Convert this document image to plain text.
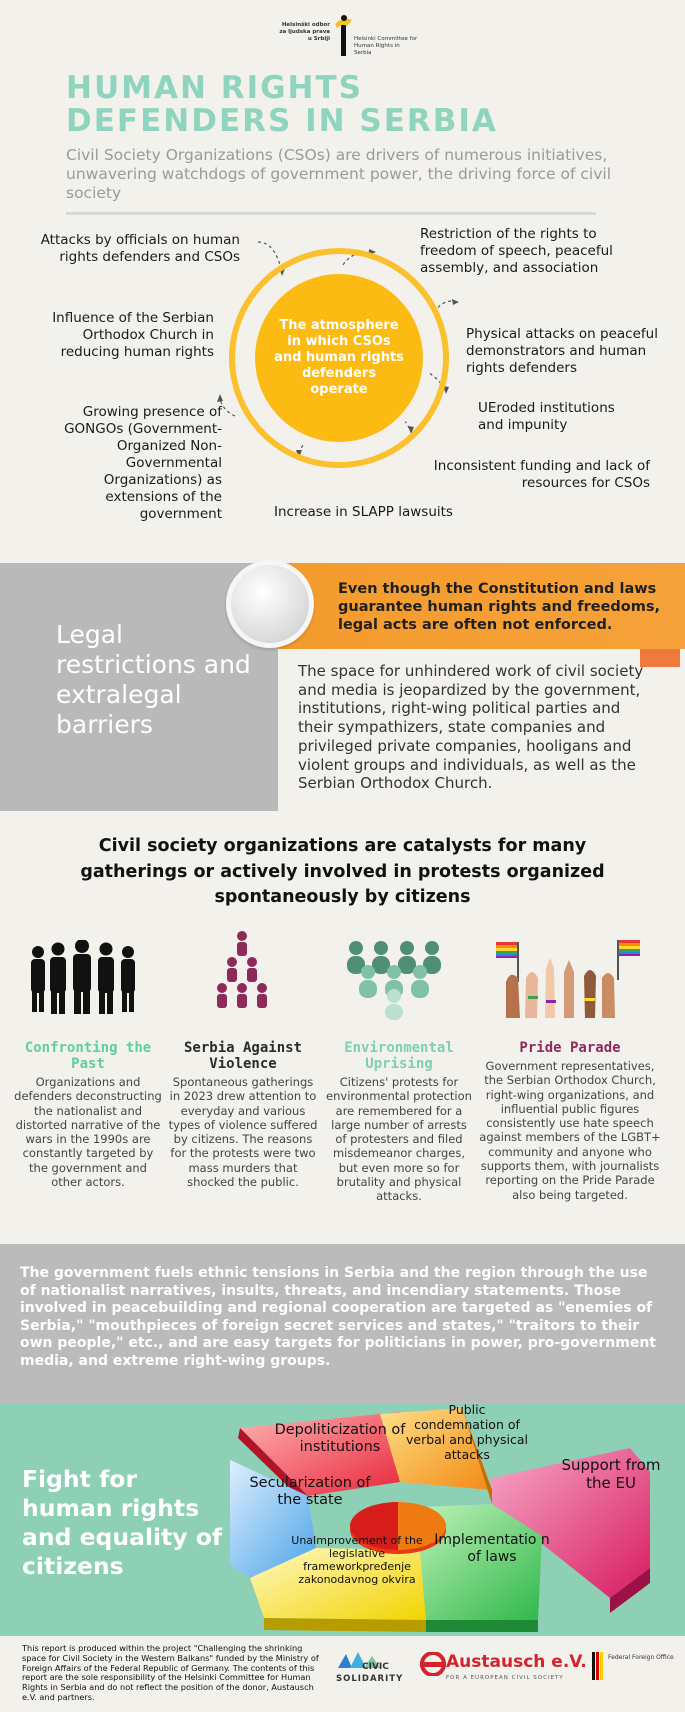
Helsinški odbor za ljudska prava u Srbiji	Helsinki Committee for Human Rights in Serbia
HUMAN RIGHTS
DEFENDERS IN SERBIA
Civil Society Organizations (CSOs) are drivers of numerous initiatives, unwavering watchdogs of government power, the driving force of civil society
The atmosphere in which CSOs and human rights defenders operate
Attacks by officials on human rights defenders and CSOs
Restriction of the rights to freedom of speech, peaceful assembly, and association
Influence of the Serbian Orthodox Church in reducing human rights
Physical attacks on peaceful demonstrators and human rights defenders
UEroded institutions and impunity
Growing presence of GONGOs (Government-Organized Non-Governmental Organizations) as extensions of the government
Inconsistent funding and lack of resources for CSOs
Increase in SLAPP lawsuits
Legal restrictions and extralegal barriers
Even though the Constitution and laws guarantee human rights and freedoms, legal acts are often not enforced.
The space for unhindered work of civil society and media is jeopardized by the government, institutions, right-wing political parties and their sympathizers, state companies and privileged private companies, hooligans and violent groups and individuals, as well as the Serbian Orthodox Church.
Civil society organizations are catalysts for many gatherings or actively involved in protests organized spontaneously by citizens
Confronting the Past
Organizations and defenders deconstructing the nationalist and distorted narrative of the wars in the 1990s are constantly targeted by the government and other actors.
Serbia Against Violence
Spontaneous gatherings in 2023 drew attention to everyday and various types of violence suffered by citizens. The reasons for the protests were two mass murders that shocked the public.
Environmental Uprising
Citizens' protests for environmental protection are remembered for a large number of arrests of protesters and filed misdemeanor charges, but even more so for brutality and physical attacks.
Pride Parade
Government representatives, the Serbian Orthodox Church, right-wing organizations, and influential public figures consistently use hate speech against members of the LGBT+ community and anyone who supports them, with journalists reporting on the Pride Parade also being targeted.
The government fuels ethnic tensions in Serbia and the region through the use of nationalist narratives, insults, threats, and incendiary statements. Those involved in peacebuilding and regional cooperation are targeted as "enemies of Serbia," "mouthpieces of foreign secret services and states," "traitors to their own people," etc., and are easy targets for politicians in power, pro-government media, and extreme right-wing groups.
Fight for human rights and equality of citizens
Depoliticization of institutions
Public condemnation of verbal and physical attacks
Support from the EU
Secularization of the state
Implementatio n of laws
UnaImprovement of the legislative frameworkpređenje zakonodavnog okvira
This report is produced within the project "Challenging the shrinking space for Civil Society in the Western Balkans" funded by the Ministry of Foreign Affairs of the Federal Republic of Germany. The contents of this report are the sole responsibility of the Helsinki Committee for Human Rights in Serbia and do not reflect the position of the donor, Austausch e.V. and partners.
CIVIC
SOLIDARITY
Austausch e.V.
FOR A EUROPEAN CIVIL SOCIETY
Federal Foreign Office
